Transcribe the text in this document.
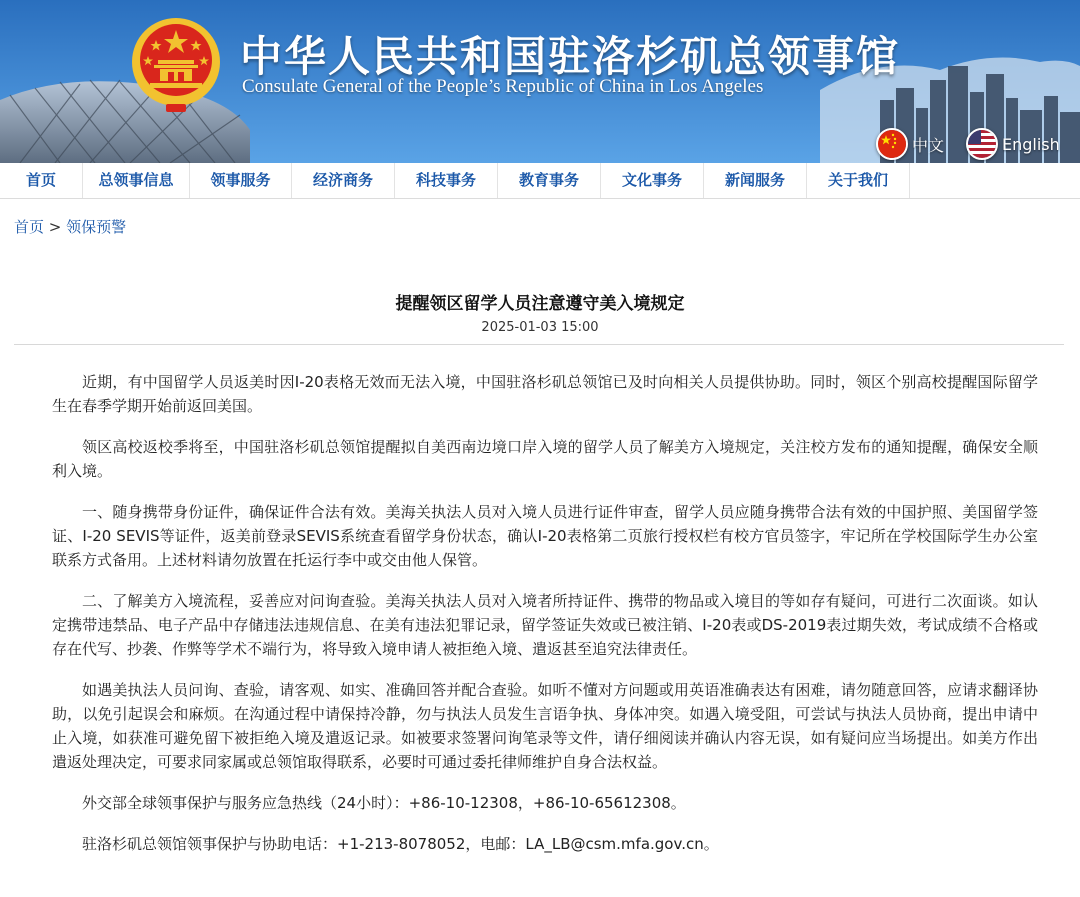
中华人民共和国驻洛杉矶总领事馆
Consulate General of the People’s Republic of China in Los Angeles
中文	English
首页	总领事信息	领事服务	经济商务	科技事务	教育事务	文化事务	新闻服务	关于我们
首页 > 领保预警
提醒领区留学人员注意遵守美入境规定
2025-01-03 15:00

近期，有中国留学人员返美时因I-20表格无效而无法入境，中国驻洛杉矶总领馆已及时向相关人员提供协助。同时，领区个别高校提醒国际留学生在春季学期开始前返回美国。

领区高校返校季将至，中国驻洛杉矶总领馆提醒拟自美西南边境口岸入境的留学人员了解美方入境规定，关注校方发布的通知提醒，确保安全顺利入境。

一、随身携带身份证件，确保证件合法有效。美海关执法人员对入境人员进行证件审查，留学人员应随身携带合法有效的中国护照、美国留学签证、I-20 SEVIS等证件，返美前登录SEVIS系统查看留学身份状态，确认I-20表格第二页旅行授权栏有校方官员签字，牢记所在学校国际学生办公室联系方式备用。上述材料请勿放置在托运行李中或交由他人保管。

二、了解美方入境流程，妥善应对问询查验。美海关执法人员对入境者所持证件、携带的物品或入境目的等如存有疑问，可进行二次面谈。如认定携带违禁品、电子产品中存储违法违规信息、在美有违法犯罪记录，留学签证失效或已被注销、I-20表或DS-2019表过期失效，考试成绩不合格或存在代写、抄袭、作弊等学术不端行为，将导致入境申请人被拒绝入境、遣返甚至追究法律责任。

如遇美执法人员问询、查验，请客观、如实、准确回答并配合查验。如听不懂对方问题或用英语准确表达有困难，请勿随意回答，应请求翻译协助，以免引起误会和麻烦。在沟通过程中请保持冷静，勿与执法人员发生言语争执、身体冲突。如遇入境受阻，可尝试与执法人员协商，提出申请中止入境，如获准可避免留下被拒绝入境及遣返记录。如被要求签署问询笔录等文件，请仔细阅读并确认内容无误，如有疑问应当场提出。如美方作出遣返处理决定，可要求同家属或总领馆取得联系，必要时可通过委托律师维护自身合法权益。

外交部全球领事保护与服务应急热线（24小时）：+86-10-12308，+86-10-65612308。

驻洛杉矶总领馆领事保护与协助电话：+1-213-8078052，电邮：LA_LB@csm.mfa.gov.cn。
